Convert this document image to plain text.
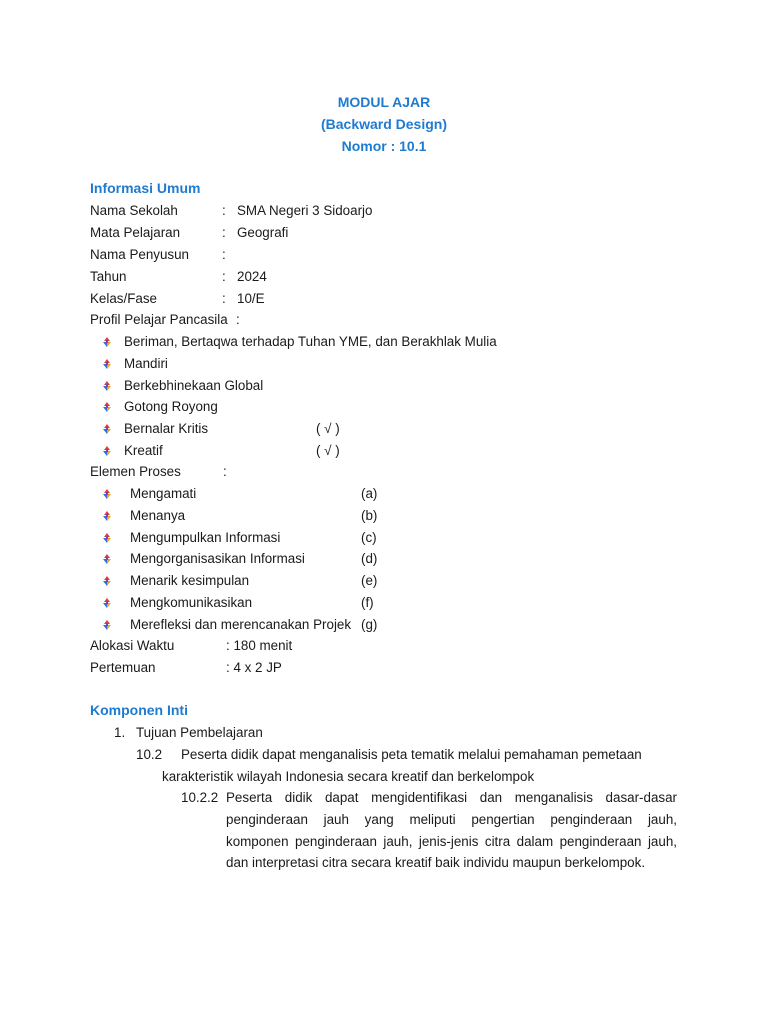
MODUL AJAR
(Backward Design)
Nomor : 10.1
Informasi Umum
Nama Sekolah	: SMA Negeri 3 Sidoarjo
Mata Pelajaran	: Geografi
Nama Penyusun :
Tahun	: 2024
Kelas/Fase	: 10/E
Profil Pelajar Pancasila :
Beriman, Bertaqwa terhadap Tuhan YME, dan Berakhlak Mulia
Mandiri
Berkebhinekaan Global
Gotong Royong
Bernalar Kritis	( √ )
Kreatif	( √ )
Elemen Proses	:
Mengamati	(a)
Menanya	(b)
Mengumpulkan Informasi	(c)
Mengorganisasikan Informasi	(d)
Menarik kesimpulan	(e)
Mengkomunikasikan	(f)
Merefleksi dan merencanakan Projek (g)
Alokasi Waktu	: 180 menit
Pertemuan	: 4 x 2 JP
Komponen Inti
1. Tujuan Pembelajaran
10.2 Peserta didik dapat menganalisis peta tematik melalui pemahaman pemetaan
karakteristik wilayah Indonesia secara kreatif dan berkelompok
10.2.2 Peserta didik dapat mengidentifikasi dan menganalisis dasar-dasar
penginderaan jauh yang meliputi pengertian penginderaan jauh,
komponen penginderaan jauh, jenis-jenis citra dalam penginderaan jauh,
dan interpretasi citra secara kreatif baik individu maupun berkelompok.
